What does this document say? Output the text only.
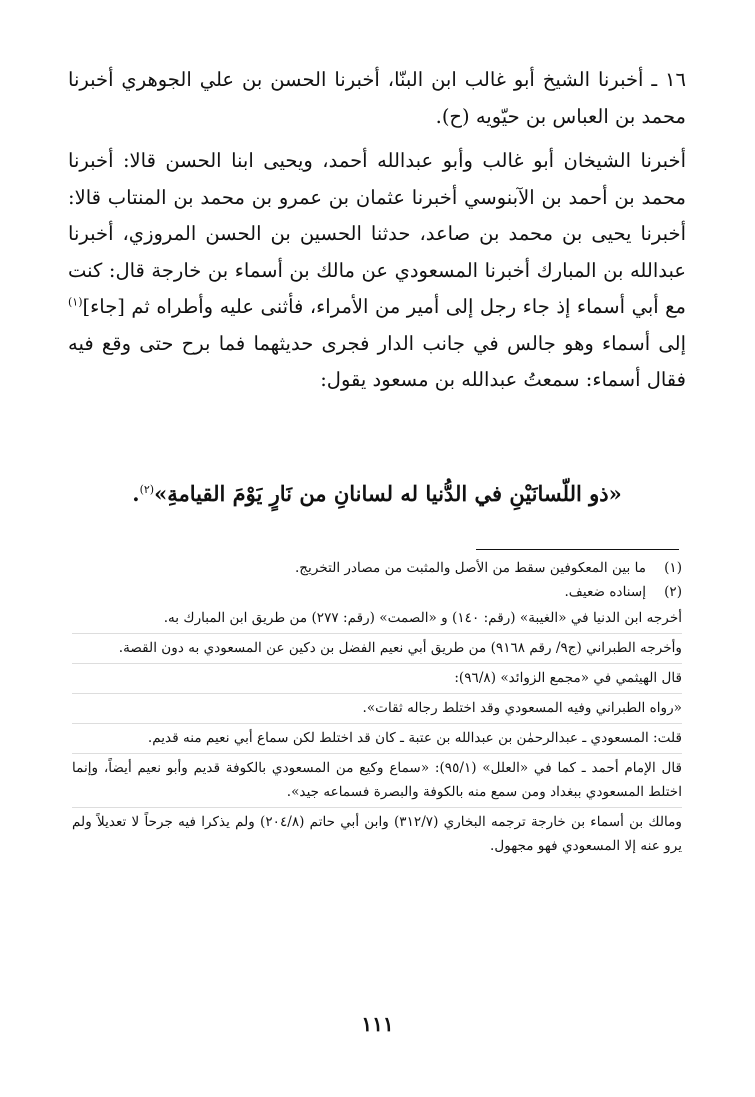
١٦ ـ أخبرنا الشيخ أبو غالب ابن البنّا، أخبرنا الحسن بن علي الجوهري أخبرنا محمد بن العباس بن حيّويه (ح).

أخبرنا الشيخان أبو غالب وأبو عبدالله أحمد، ويحيى ابنا الحسن قالا: أخبرنا محمد بن أحمد بن الآبنوسي أخبرنا عثمان بن عمرو بن محمد بن المنتاب قالا: أخبرنا يحيى بن محمد بن صاعد، حدثنا الحسين بن الحسن المروزي، أخبرنا عبدالله بن المبارك أخبرنا المسعودي عن مالك بن أسماء بن خارجة قال: كنت مع أبي أسماء إذ جاء رجل إلى أمير من الأمراء، فأثنى عليه وأطراه ثم [جاء]$^{(١)}$ إلى أسماء وهو جالس في جانب الدار فجرى حديثهما فما برح حتى وقع فيه فقال أسماء: سمعتُ عبدالله بن مسعود يقول:

«ذو اللّسانَيْنِ في الدُّنيا له لسانانِ من نَارٍ يَوْمَ القيامةِ»$^{(٢)}$.
(١)
ما بين المعكوفين سقط من الأصل والمثبت من مصادر التخريج.
(٢)
إسناده ضعيف.

أخرجه ابن الدنيا في «الغيبة» (رقم: ١٤٠) و «الصمت» (رقم: ٢٧٧) من طريق ابن المبارك به.

وأخرجه الطبراني (ج٩/ رقم ٩١٦٨) من طريق أبي نعيم الفضل بن دكين عن المسعودي به دون القصة.

قال الهيثمي في «مجمع الزوائد» (٩٦/٨):

«رواه الطبراني وفيه المسعودي وقد اختلط رجاله ثقات».

قلت: المسعودي ـ عبدالرحمٰن بن عبدالله بن عتبة ـ كان قد اختلط لكن سماع أبي نعيم منه قديم.

قال الإمام أحمد ـ كما في «العلل» (٩٥/١): «سماع وكيع من المسعودي بالكوفة قديم وأبو نعيم أيضاً، وإنما اختلط المسعودي ببغداد ومن سمع منه بالكوفة والبصرة فسماعه جيد».

ومالك بن أسماء بن خارجة ترجمه البخاري (٣١٢/٧) وابن أبي حاتم (٢٠٤/٨) ولم يذكرا فيه جرحاً لا تعديلاً ولم يرو عنه إلا المسعودي فهو مجهول.

١١١
